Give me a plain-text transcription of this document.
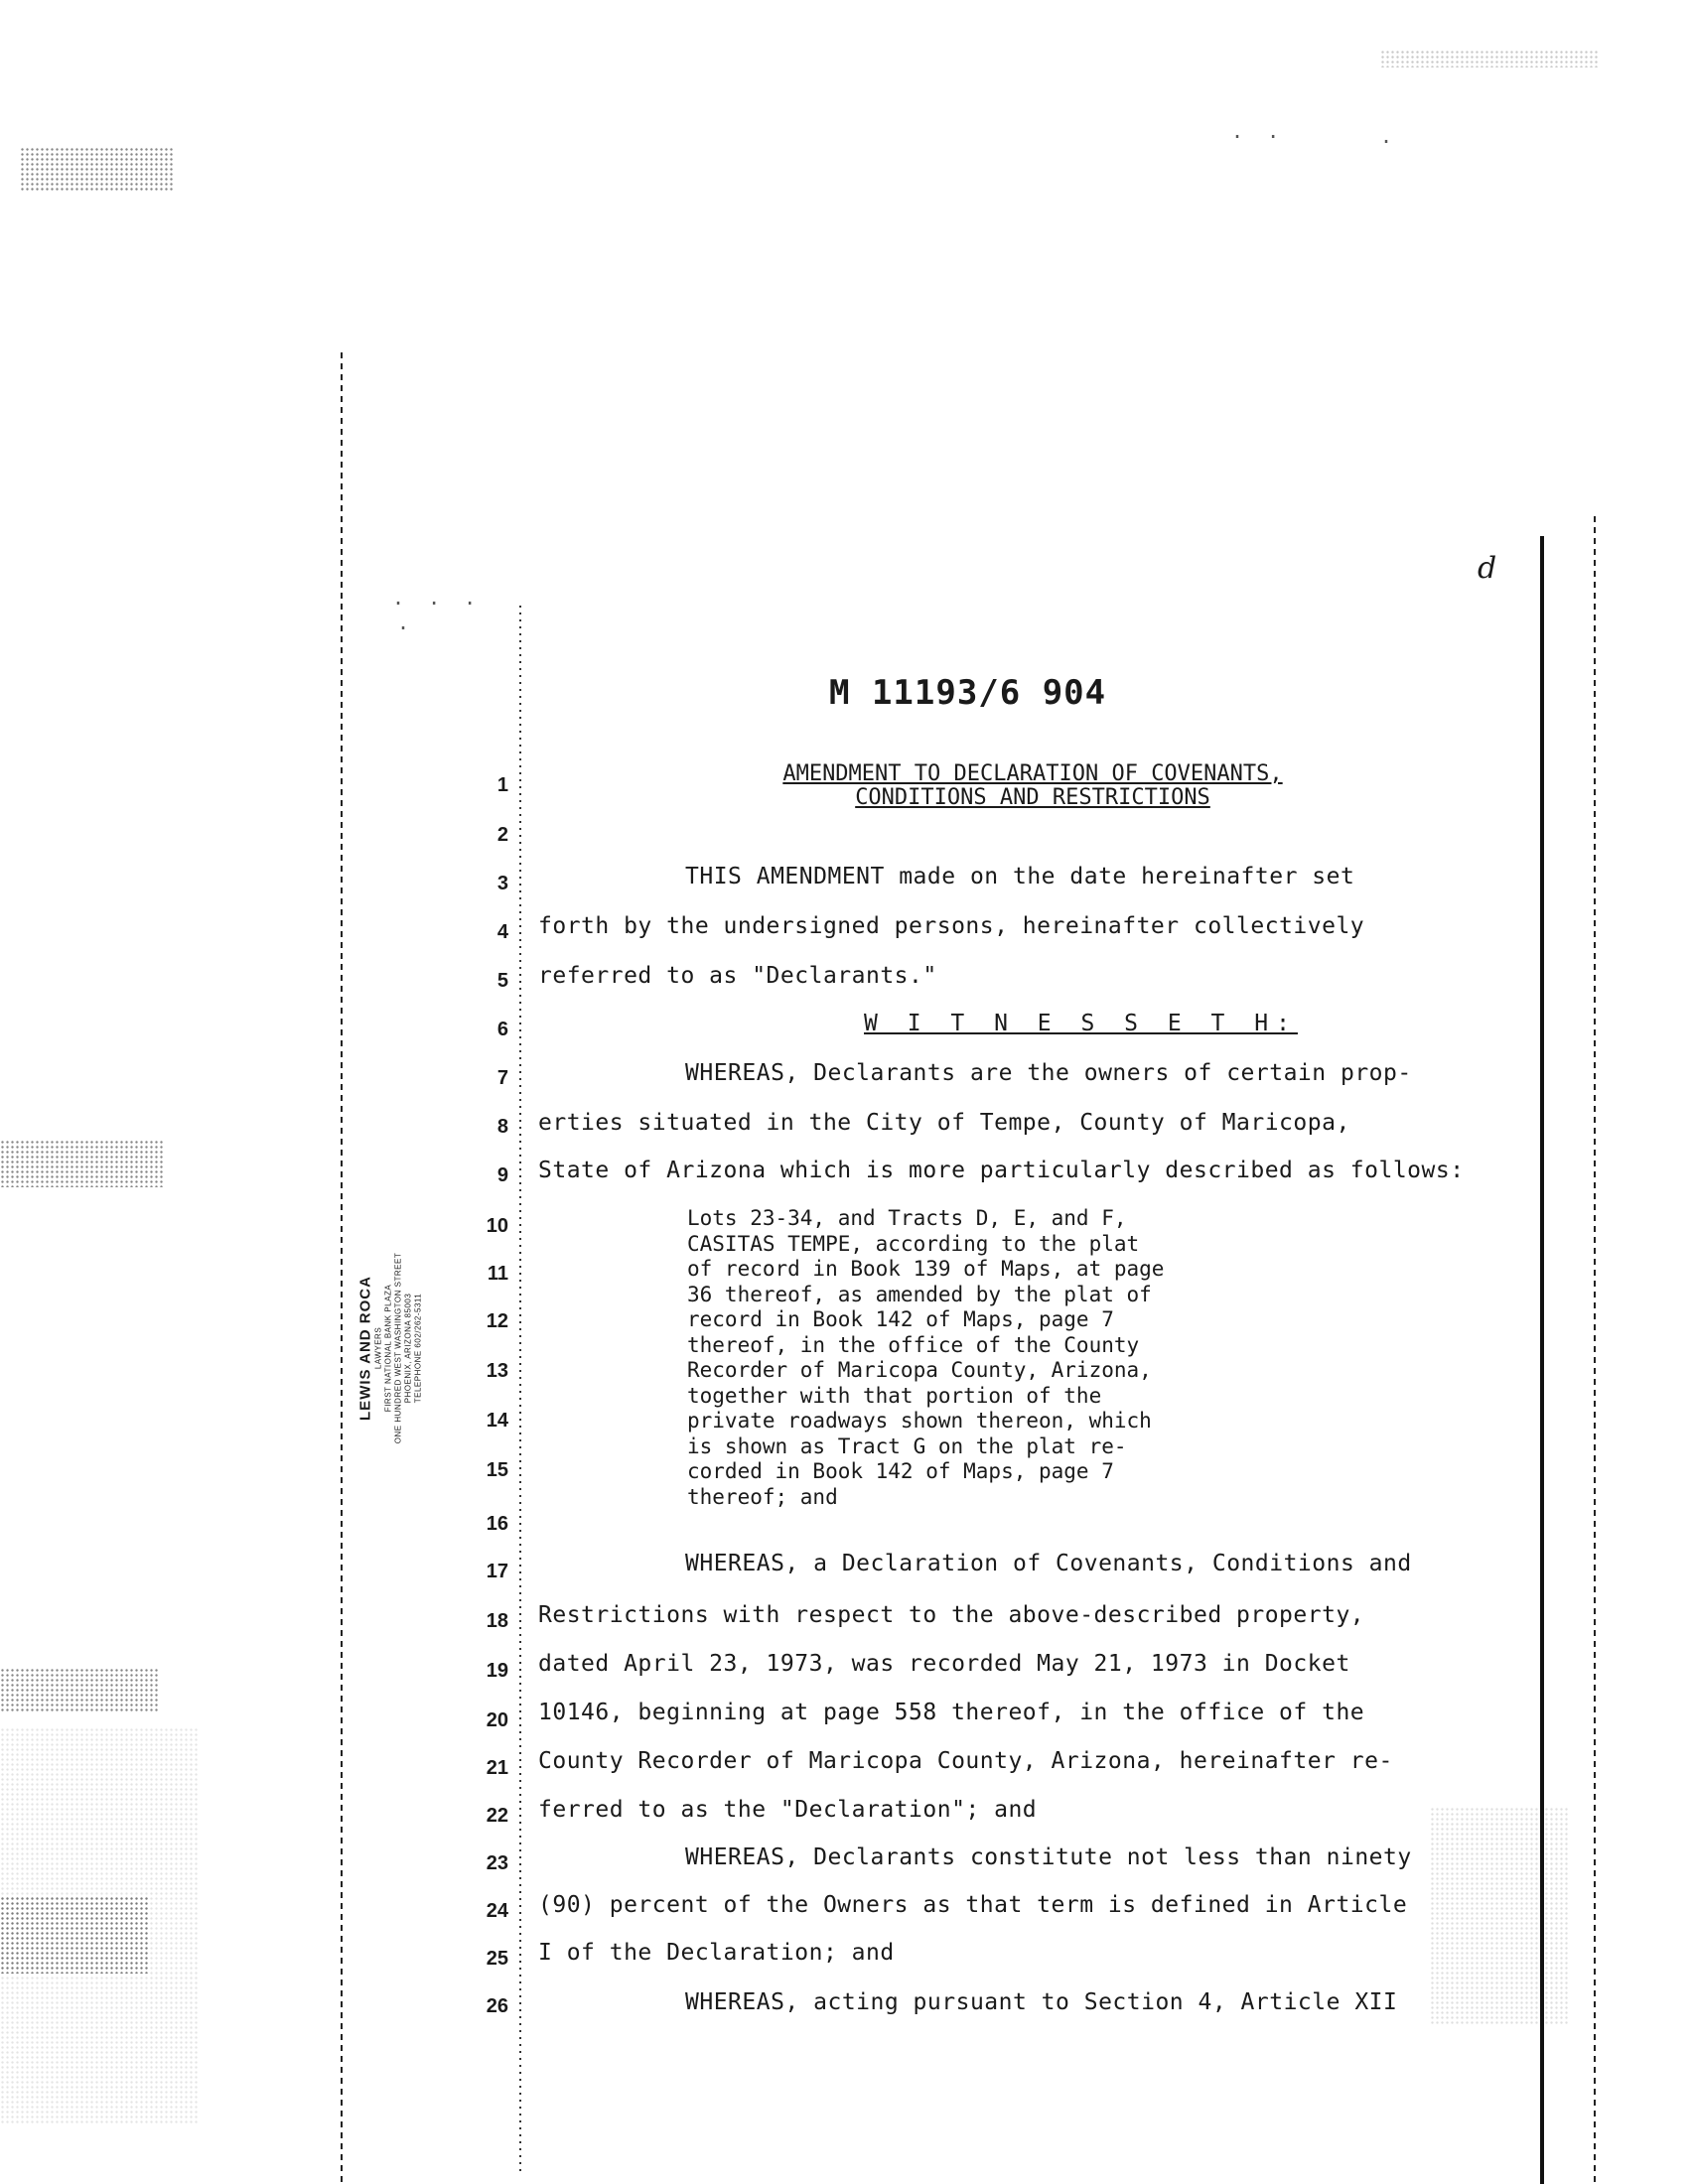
. .	.
. . .
.
M 11193/6 904
d
AMENDMENT TO DECLARATION OF COVENANTS,
CONDITIONS AND RESTRICTIONS
LEWIS AND ROCA LAWYERS FIRST NATIONAL BANK PLAZA ONE HUNDRED WEST WASHINGTON STREET PHOENIX, ARIZONA 85003 TELEPHONE 602/262-5311
1
2
3
4
5
6
7
8
9
10
11
12
13
14
15
16
17
18
19
20
21
22
23
24
25
26
THIS AMENDMENT made on the date hereinafter set
forth by the undersigned persons, hereinafter collectively
referred to as "Declarants."
W I T N E S S E T H:
WHEREAS, Declarants are the owners of certain prop-
erties situated in the City of Tempe, County of Maricopa,
State of Arizona which is more particularly described as follows:
Lots 23-34, and Tracts D, E, and F,
CASITAS TEMPE, according to the plat
of record in Book 139 of Maps, at page
36 thereof, as amended by the plat of
record in Book 142 of Maps, page 7
thereof, in the office of the County
Recorder of Maricopa County, Arizona,
together with that portion of the
private roadways shown thereon, which
is shown as Tract G on the plat re-
corded in Book 142 of Maps, page 7
thereof; and
WHEREAS, a Declaration of Covenants, Conditions and
Restrictions with respect to the above-described property,
dated April 23, 1973, was recorded May 21, 1973 in Docket
10146, beginning at page 558 thereof, in the office of the
County Recorder of Maricopa County, Arizona, hereinafter re-
ferred to as the "Declaration"; and
WHEREAS, Declarants constitute not less than ninety
(90) percent of the Owners as that term is defined in Article
I of the Declaration; and
WHEREAS, acting pursuant to Section 4, Article XII
